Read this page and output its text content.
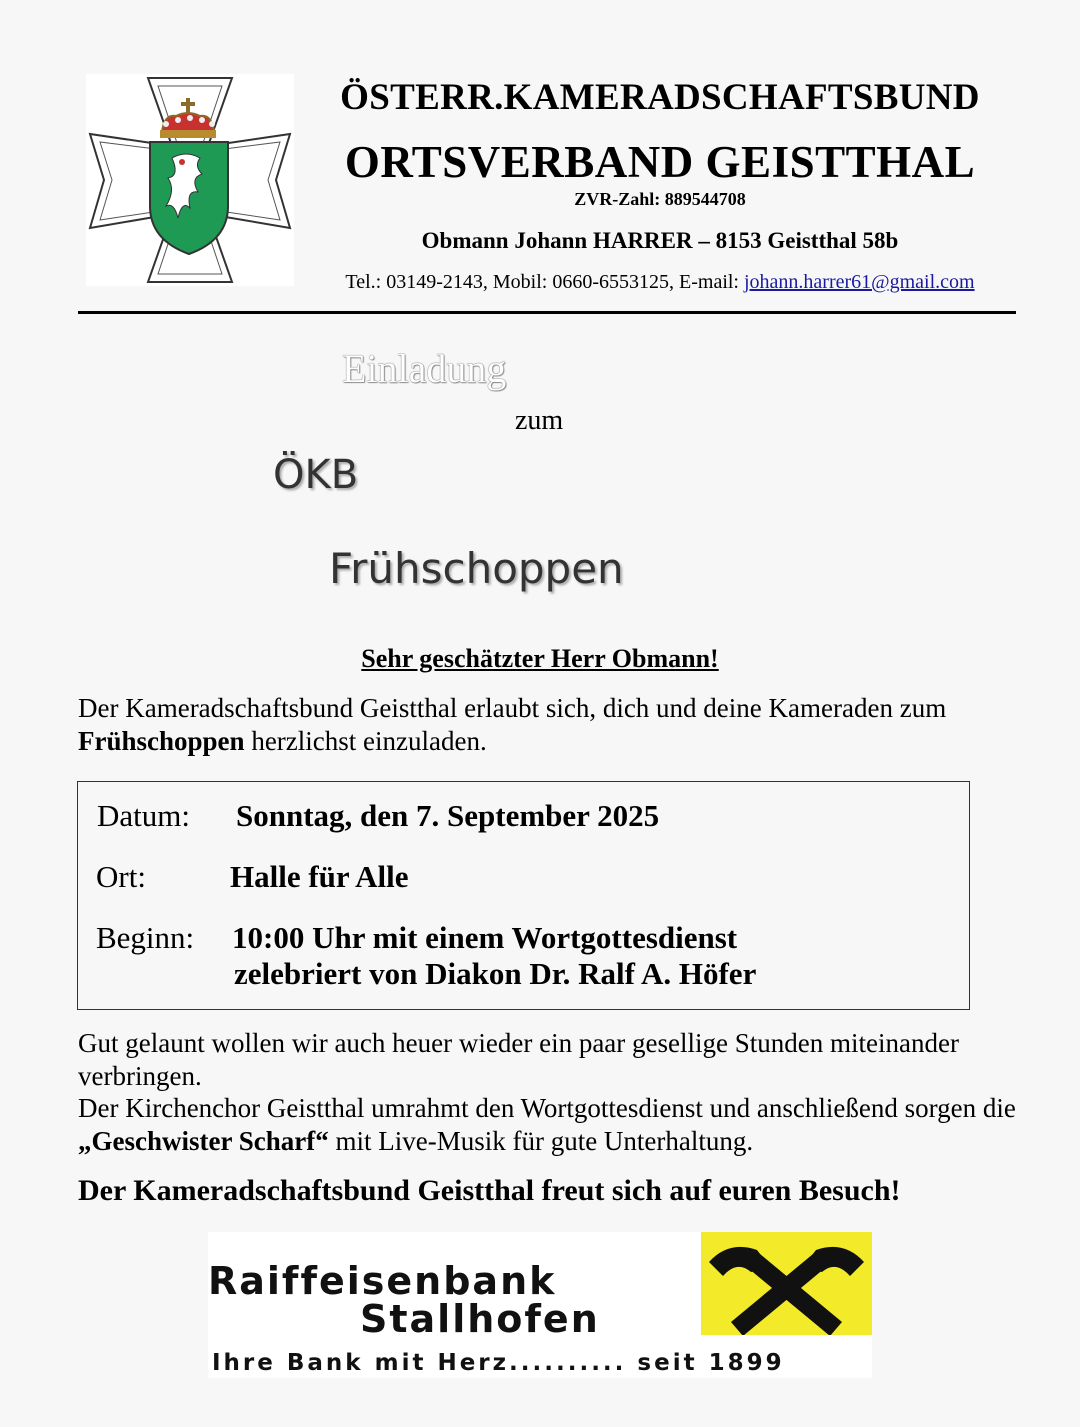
ÖSTERR.KAMERADSCHAFTSBUND
ORTSVERBAND GEISTTHAL
ZVR-Zahl: 889544708
Obmann Johann HARRER – 8153 Geistthal 58b
Tel.: 03149-2143, Mobil: 0660-6553125, E-mail: johann.harrer61@gmail.com
Einladung
zum
ÖKB
Frühschoppen
Sehr geschätzter Herr Obmann!
Der Kameradschaftsbund Geistthal erlaubt sich, dich und deine Kameraden zum Frühschoppen herzlichst einzuladen.
Datum: Sonntag, den 7. September 2025
Ort:	Halle für Alle
Beginn: 10:00 Uhr mit einem Wortgottesdienst
zelebriert von Diakon Dr. Ralf A. Höfer
Gut gelaunt wollen wir auch heuer wieder ein paar gesellige Stunden miteinander verbringen.
Der Kirchenchor Geistthal umrahmt den Wortgottesdienst und anschließend sorgen die „Geschwister Scharf“ mit Live-Musik für gute Unterhaltung.
Der Kameradschaftsbund Geistthal freut sich auf euren Besuch!
Raiffeisenbank
Stallhofen
Ihre Bank mit Herz.......... seit 1899
